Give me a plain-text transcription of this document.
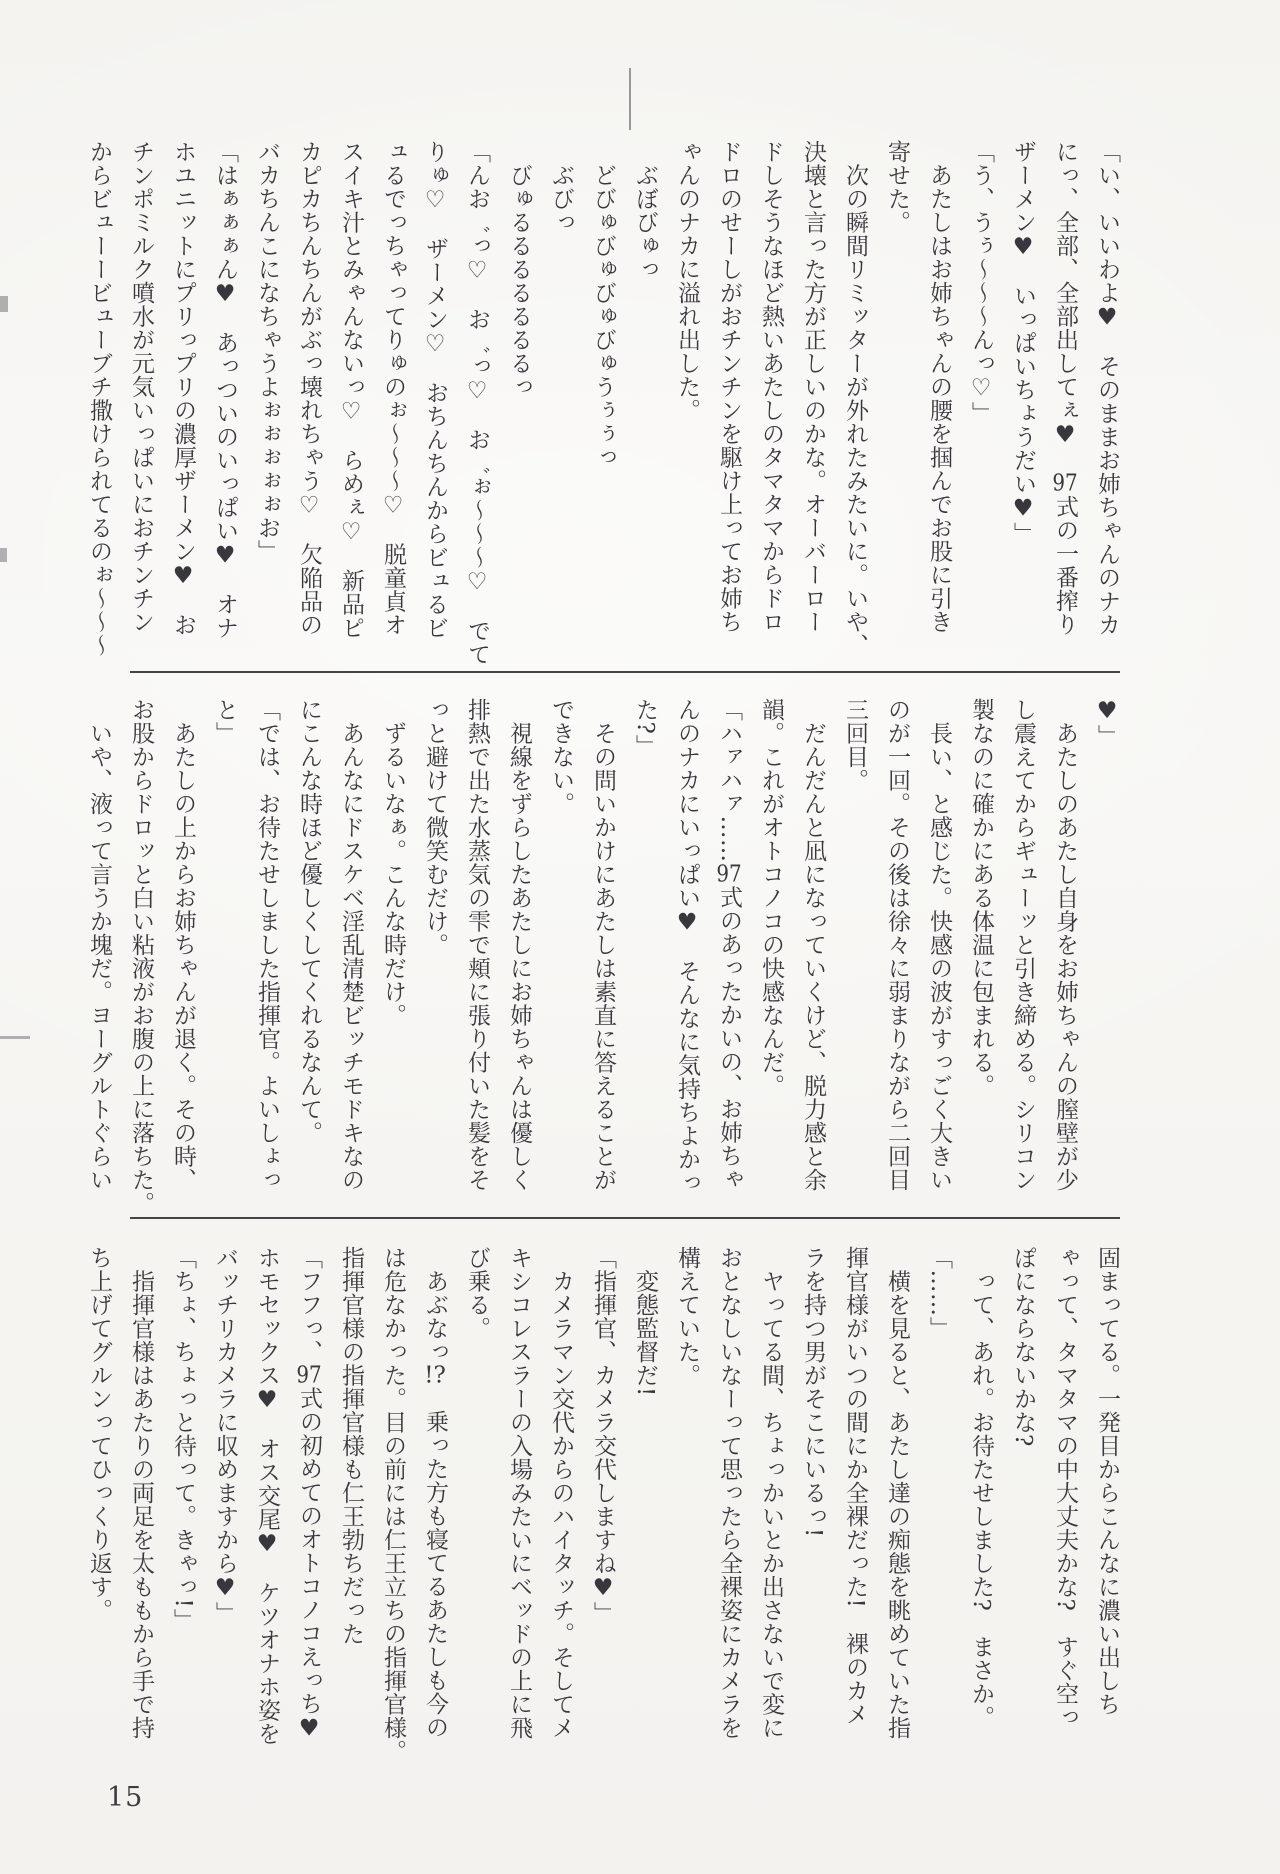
「い、いいわよ♥　そのままお姉ちゃんのナカ

にっ、全部、全部出してぇ♥　97式の一番搾り

ザーメン♥　いっぱいちょうだい♥」

「う、うぅ〜〜〜んっ♡」

　あたしはお姉ちゃんの腰を掴んでお股に引き

寄せた。

　次の瞬間リミッターが外れたみたいに。いや、

決壊と言った方が正しいのかな。オーバーロー

ドしそうなほど熱いあたしのタマタマからドロ

ドロのせーしがおチンチンを駆け上ってお姉ち

ゃんのナカに溢れ出した。

　ぶぼびゅっ

　どびゅびゅびゅびゅうぅぅっ

　ぶびっ

　びゅるるるるるるるっ

「んお゛っ♡　お゛っ♡　お゛ぉ〜〜〜♡　でて

りゅ♡　ザーメン♡　おちんちんからビュるビ

ュるでっちゃってりゅのぉ〜〜〜♡　脱童貞オ

スイキ汁とみゃんないっ♡　らめぇ♡　新品ピ

カピカちんちんがぶっ壊れちゃう♡　欠陥品の

バカちんこになちゃうよぉぉぉぉぉお」

「はぁぁぁん♥　あっついのいっぱい♥　オナ

ホユニットにプリっプリの濃厚ザーメン♥　お

チンポミルク噴水が元気いっぱいにおチンチン

からビューービューブチ撒けられてるのぉ〜〜〜

♥」

　あたしのあたし自身をお姉ちゃんの膣壁が少

し震えてからギューッと引き締める。シリコン

製なのに確かにある体温に包まれる。

　長い、と感じた。快感の波がすっごく大きい

のが一回。その後は徐々に弱まりながら二回目

三回目。

　だんだんと凪になっていくけど、脱力感と余

韻。これがオトコノコの快感なんだ。

「ハァハァ……97式のあったかいの、お姉ちゃ

んのナカにいっぱい♥　そんなに気持ちよかっ

た?」

　その問いかけにあたしは素直に答えることが

できない。

　視線をずらしたあたしにお姉ちゃんは優しく

排熱で出た水蒸気の雫で頬に張り付いた髪をそ

っと避けて微笑むだけ。

　ずるいなぁ。こんな時だけ。

　あんなにドスケベ淫乱清楚ビッチモドキなの

にこんな時ほど優しくしてくれるなんて。

「では、お待たせしました指揮官。よいしょっ

と」

　あたしの上からお姉ちゃんが退く。その時、

お股からドロッと白い粘液がお腹の上に落ちた。

　いや、液って言うか塊だ。ヨーグルトぐらい

固まってる。一発目からこんなに濃い出しち

ゃって、タマタマの中大丈夫かな?　すぐ空っ

ぽにならないかな?

　って、あれ。お待たせしました?　まさか。

「……」

　横を見ると、あたし達の痴態を眺めていた指

揮官様がいつの間にか全裸だった!　裸のカメ

ラを持つ男がそこにいるっ!

　ヤってる間、ちょっかいとか出さないで変に

おとなしいなーって思ったら全裸姿にカメラを

構えていた。

　変態監督だ!

「指揮官、カメラ交代しますね♥」

　カメラマン交代からのハイタッチ。そしてメ

キシコレスラーの入場みたいにベッドの上に飛

び乗る。

　あぶなっ!?　乗った方も寝てるあたしも今の

は危なかった。目の前には仁王立ちの指揮官様。

指揮官様の指揮官様も仁王勃ちだった

「フフっ、97式の初めてのオトコノコえっち♥

ホモセックス♥　オス交尾♥　ケツオナホ姿を

バッチリカメラに収めますから♥」

「ちょ、ちょっと待って。きゃっ!」

　指揮官様はあたりの両足を太ももから手で持

ち上げてグルンってひっくり返す。

15
